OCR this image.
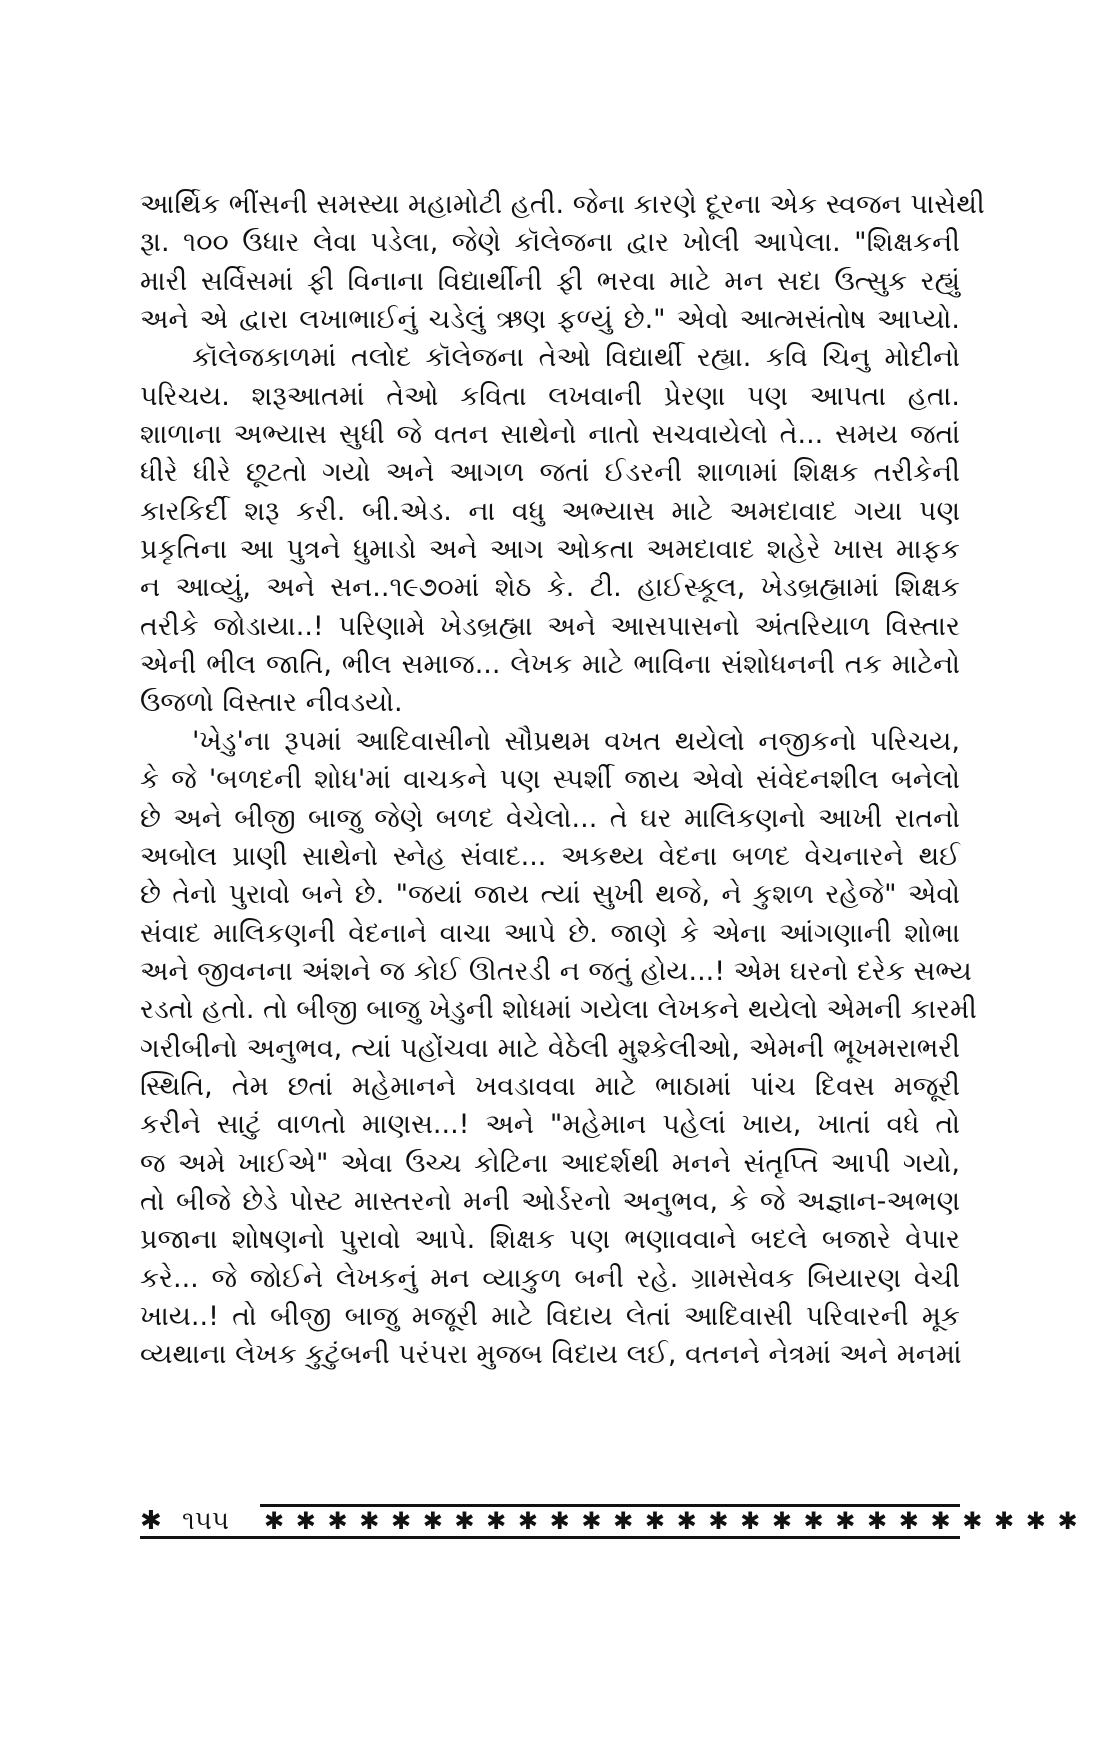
આર્થિક ભીંસની સમસ્યા મહામોટી હતી. જેના કારણે દૂરના એક સ્વજન પાસેથી
રૂા. ૧૦૦ ઉધાર લેવા પડેલા, જેણે કૉલેજના દ્વાર ખોલી આપેલા. "શિક્ષકની
મારી સર્વિસમાં ફી વિનાના વિદ્યાર્થીની ફી ભરવા માટે મન સદા ઉત્સુક રહ્યું
અને એ દ્વારા લખાભાઈનું ચડેલું ઋણ ફળ્યું છે." એવો આત્મસંતોષ આપ્યો.
કૉલેજકાળમાં તલોદ કૉલેજના તેઓ વિદ્યાર્થી રહ્યા. કવિ ચિનુ મોદીનો
પરિચય. શરૂઆતમાં તેઓ કવિતા લખવાની પ્રેરણા પણ આપતા હતા.
શાળાના અભ્યાસ સુધી જે વતન સાથેનો નાતો સચવાયેલો તે... સમય જતાં
ધીરે ધીરે છૂટતો ગયો અને આગળ જતાં ઈડરની શાળામાં શિક્ષક તરીકેની
કારકિર્દી શરૂ કરી. બી.એડ. ના વધુ અભ્યાસ માટે અમદાવાદ ગયા પણ
પ્રકૃતિના આ પુત્રને ધુમાડો અને આગ ઓકતા અમદાવાદ શહેરે ખાસ માફક
ન આવ્યું, અને સન..૧૯૭૦માં શેઠ કે. ટી. હાઈસ્કૂલ, ખેડબ્રહ્મામાં શિક્ષક
તરીકે જોડાયા..! પરિણામે ખેડબ્રહ્મા અને આસપાસનો અંતરિયાળ વિસ્તાર
એની ભીલ જાતિ, ભીલ સમાજ... લેખક માટે ભાવિના સંશોધનની તક માટેનો
ઉજળો વિસ્તાર નીવડયો.
'ખેડુ'ના રૂપમાં આદિવાસીનો સૌપ્રથમ વખત થયેલો નજીકનો પરિચય,
કે જે 'બળદની શોધ'માં વાચકને પણ સ્પર્શી જાય એવો સંવેદનશીલ બનેલો
છે અને બીજી બાજુ જેણે બળદ વેચેલો... તે ઘર માલિકણનો આખી રાતનો
અબોલ પ્રાણી સાથેનો સ્નેહ સંવાદ... અકથ્ય વેદના બળદ વેચનારને થઈ
છે તેનો પુરાવો બને છે. "જયાં જાય ત્યાં સુખી થજે, ને કુશળ રહેજે" એવો
સંવાદ માલિકણની વેદનાને વાચા આપે છે. જાણે કે એના આંગણાની શોભા
અને જીવનના અંશને જ કોઈ ઊતરડી ન જતું હોય...! એમ ઘરનો દરેક સભ્ય
રડતો હતો. તો બીજી બાજુ ખેડુની શોધમાં ગયેલા લેખકને થયેલો એમની કારમી
ગરીબીનો અનુભવ, ત્યાં પહોંચવા માટે વેઠેલી મુશ્કેલીઓ, એમની ભૂખમરાભરી
સ્થિતિ, તેમ છતાં મહેમાનને ખવડાવવા માટે ભાઠામાં પાંચ દિવસ મજૂરી
કરીને સાટું વાળતો માણસ...! અને "મહેમાન પહેલાં ખાય, ખાતાં વધે તો
જ અમે ખાઈએ" એવા ઉચ્ચ કોટિના આદર્શથી મનને સંતૃપ્તિ આપી ગયો,
તો બીજે છેડે પોસ્ટ માસ્તરનો મની ઓર્ડરનો અનુભવ, કે જે અજ્ઞાન-અભણ
પ્રજાના શોષણનો પુરાવો આપે. શિક્ષક પણ ભણાવવાને બદલે બજારે વેપાર
કરે... જે જોઈને લેખકનું મન વ્યાકુળ બની રહે. ગ્રામસેવક બિયારણ વેચી
ખાય..! તો બીજી બાજુ મજૂરી માટે વિદાય લેતાં આદિવાસી પરિવારની મૂક
વ્યથાના લેખક કુટુંબની પરંપરા મુજબ વિદાય લઈ, વતનને નેત્રમાં અને મનમાં
✱ ૧૫૫ ✱ ✱ ✱ ✱ ✱ ✱ ✱ ✱ ✱ ✱ ✱ ✱ ✱ ✱ ✱ ✱ ✱ ✱ ✱ ✱ ✱ ✱ ✱ ✱ ✱ ✱
